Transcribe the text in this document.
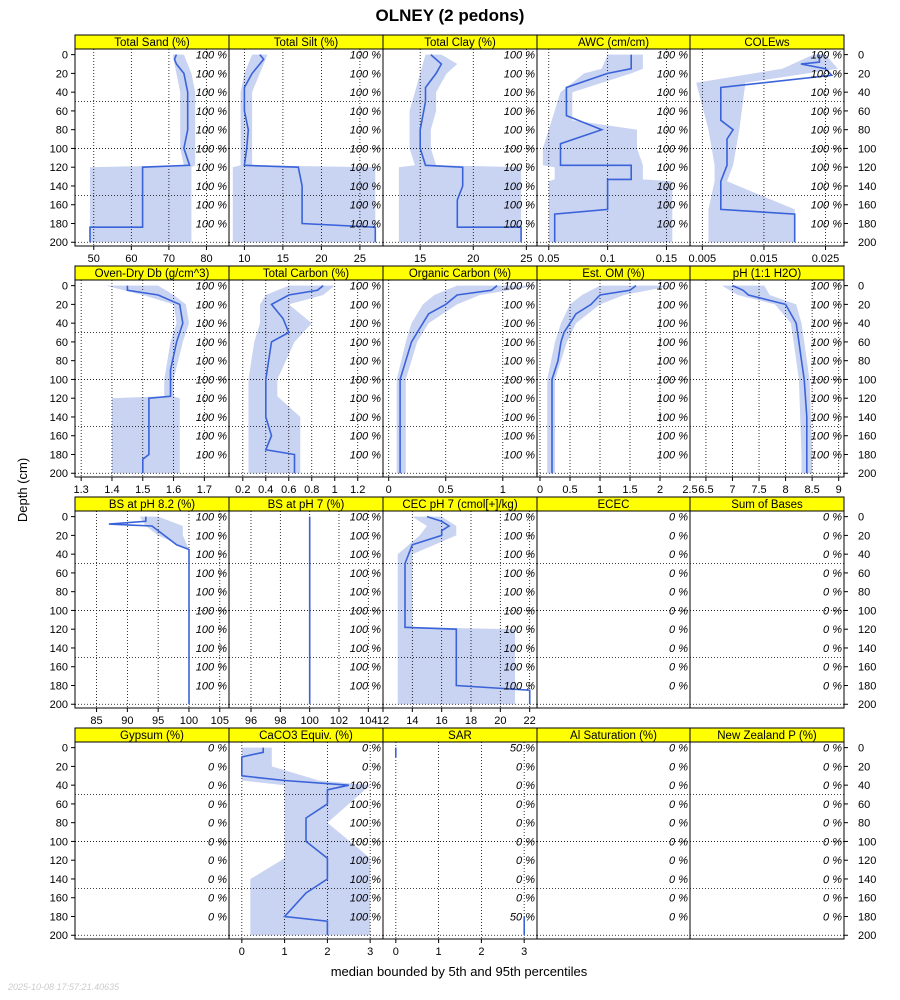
OLNEY (2 pedons)
Depth (cm)
median bounded by 5th and 95th percentiles
2025-10-08 17:57:21.40635
Total Sand (%)
100 %
100 %
100 %
100 %
100 %
100 %
100 %
100 %
100 %
100 %
50 60 70 80
0
20
40
60
80
100
120
140
160
180
200
Total Silt (%)
100 %
100 %
100 %
100 %
100 %
100 %
100 %
100 %
100 %
100 %
10 15 20 25
Total Clay (%)
100 %
100 %
100 %
100 %
100 %
100 %
100 %
100 %
100 %
100 %
15	20	25
AWC (cm/cm)
100 %
100 %
100 %
100 %
100 %
100 %
100 %
100 %
100 %
100 %
0.05	0.1	0.15
COLEws
100 %
100 %
100 %
100 %
100 %
100 %
100 %
100 %
100 %
100 %
0.005	0.015	0.025
0
20
40
60
80
100
120
140
160
180
200
Oven-Dry Db (g/cm^3)
100 %
100 %
100 %
100 %
100 %
100 %
100 %
100 %
100 %
100 %
1.3 1.4 1.5 1.6 1.7
0
20
40
60
80
100
120
140
160
180
200
Total Carbon (%)
100 %
100 %
100 %
100 %
100 %
100 %
100 %
100 %
100 %
100 %
0.2 0.4 0.6 0.8 1 1.2
Organic Carbon (%)
100 %
100 %
100 %
100 %
100 %
100 %
100 %
100 %
100 %
100 %
0	0.5	1
Est. OM (%)
100 %
100 %
100 %
100 %
100 %
100 %
100 %
100 %
100 %
100 %
0 0.5 1 1.5 2 2.5
pH (1:1 H2O)
100 %
100 %
100 %
100 %
100 %
100 %
100 %
100 %
100 %
100 %
6.5 7 7.5 8 8.5 9
0
20
40
60
80
100
120
140
160
180
200
BS at pH 8.2 (%)
100 %
100 %
100 %
100 %
100 %
100 %
100 %
100 %
100 %
100 %
85 90 95 100 105
0
20
40
60
80
100
120
140
160
180
200
BS at pH 7 (%)
100 %
100 %
100 %
100 %
100 %
100 %
100 %
100 %
100 %
100 %
96 98 100 102 104
CEC pH 7 (cmol[+]/kg)
100 %
100 %
100 %
100 %
100 %
100 %
100 %
100 %
100 %
100 %
12 14 16 18 20 22
ECEC
0 %
0 %
0 %
0 %
0 %
0 %
0 %
0 %
0 %
0 %
Sum of Bases
0 %
0 %
0 %
0 %
0 %
0 %
0 %
0 %
0 %
0 %
0
20
40
60
80
100
120
140
160
180
200
Gypsum (%)
0 %
0 %
0 %
0 %
0 %
0 %
0 %
0 %
0 %
0 %
0
20
40
60
80
100
120
140
160
180
200
CaCO3 Equiv. (%)
0 %
0 %
100 %
100 %
100 %
100 %
100 %
100 %
100 %
100 %
0	1	2	3
SAR
50 %
0 %
0 %
0 %
0 %
0 %
0 %
0 %
0 %
50 %
0	1	2	3
Al Saturation (%)
0 %
0 %
0 %
0 %
0 %
0 %
0 %
0 %
0 %
0 %
New Zealand P (%)
0 %
0 %
0 %
0 %
0 %
0 %
0 %
0 %
0 %
0 %
0
20
40
60
80
100
120
140
160
180
200
